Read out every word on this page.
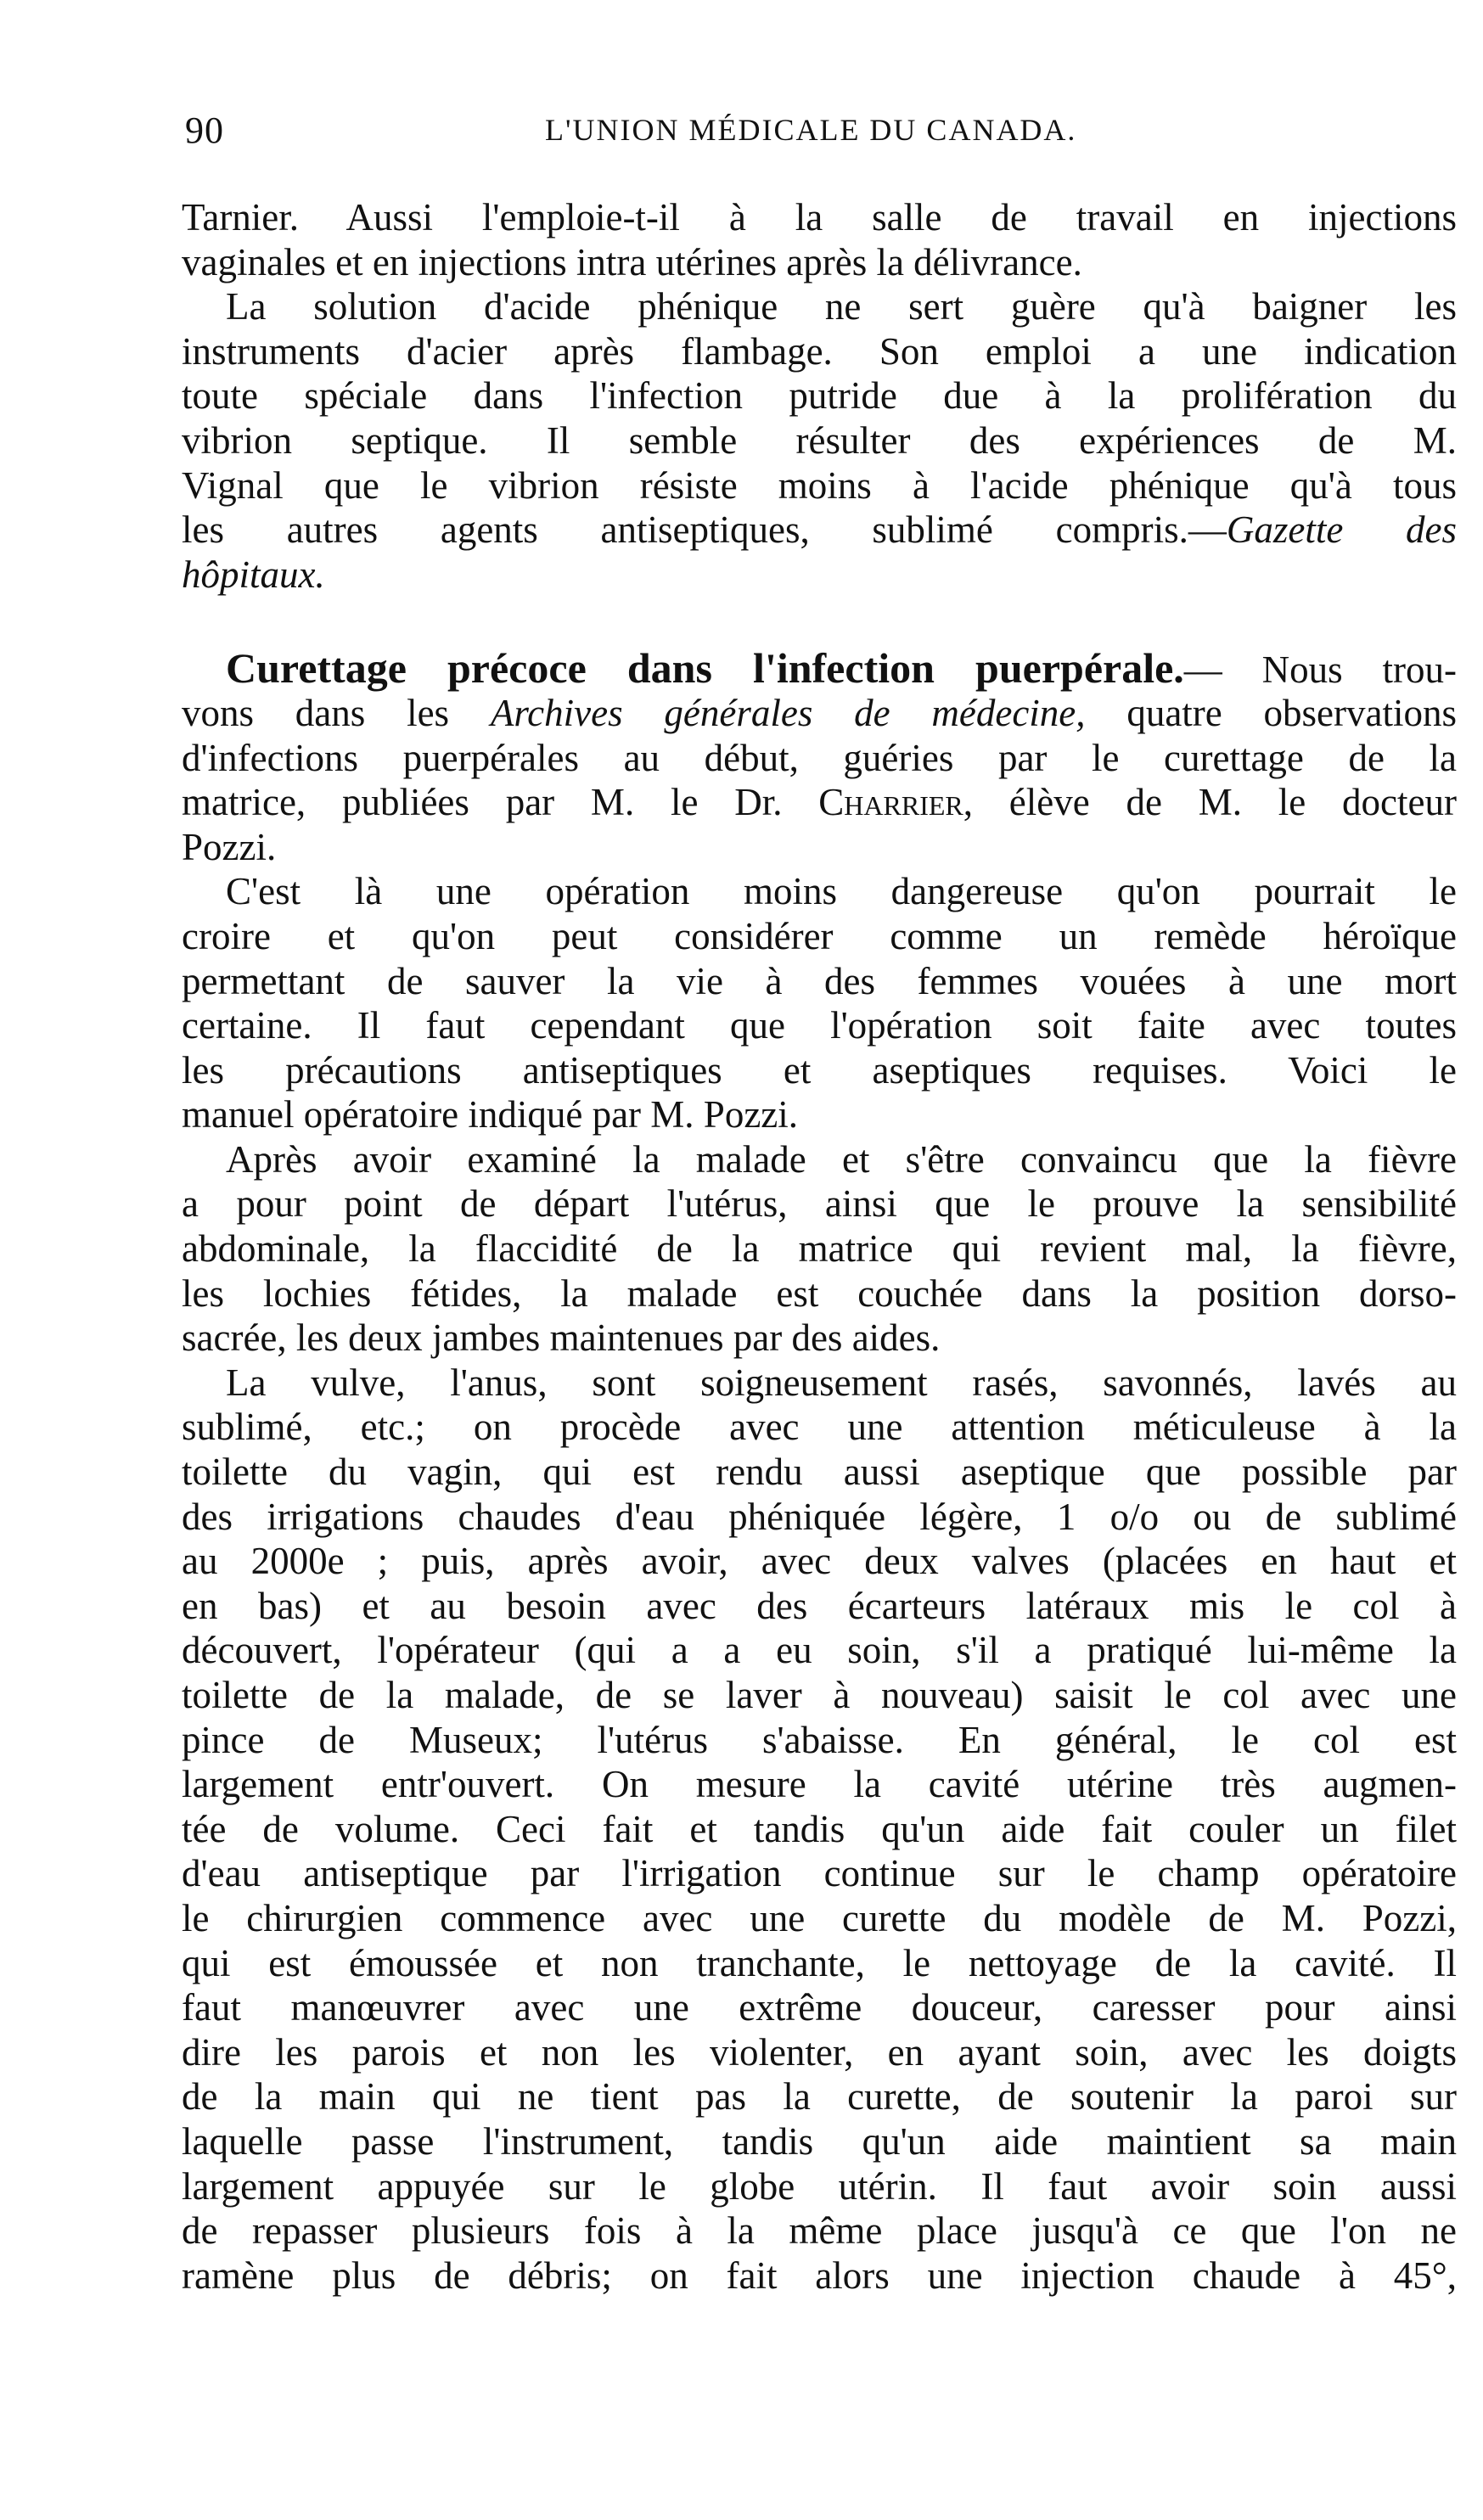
90	L'UNION MÉDICALE DU CANADA.
Tarnier. Aussi l'emploie-t-il à la salle de travail en injections
vaginales et en injections intra utérines après la délivrance.
La solution d'acide phénique ne sert guère qu'à baigner les
instruments d'acier après flambage. Son emploi a une indication
toute spéciale dans l'infection putride due à la prolifération du
vibrion septique. Il semble résulter des expériences de M.
Vignal que le vibrion résiste moins à l'acide phénique qu'à tous
les autres agents antiseptiques, sublimé compris.—Gazette des
hôpitaux.
Curettage précoce dans l'infection puerpérale.— Nous trou-
vons dans les Archives générales de médecine, quatre observations
d'infections puerpérales au début, guéries par le curettage de la
matrice, publiées par M. le Dr. Charrier, élève de M. le docteur
Pozzi.
C'est là une opération moins dangereuse qu'on pourrait le
croire et qu'on peut considérer comme un remède héroïque
permettant de sauver la vie à des femmes vouées à une mort
certaine. Il faut cependant que l'opération soit faite avec toutes
les précautions antiseptiques et aseptiques requises. Voici le
manuel opératoire indiqué par M. Pozzi.
Après avoir examiné la malade et s'être convaincu que la fièvre
a pour point de départ l'utérus, ainsi que le prouve la sensibilité
abdominale, la flaccidité de la matrice qui revient mal, la fièvre,
les lochies fétides, la malade est couchée dans la position dorso-
sacrée, les deux jambes maintenues par des aides.
La vulve, l'anus, sont soigneusement rasés, savonnés, lavés au
sublimé, etc.; on procède avec une attention méticuleuse à la
toilette du vagin, qui est rendu aussi aseptique que possible par
des irrigations chaudes d'eau phéniquée légère, 1 o/o ou de sublimé
au 2000e ; puis, après avoir, avec deux valves (placées en haut et
en bas) et au besoin avec des écarteurs latéraux mis le col à
découvert, l'opérateur (qui a a eu soin, s'il a pratiqué lui-même la
toilette de la malade, de se laver à nouveau) saisit le col avec une
pince de Museux; l'utérus s'abaisse. En général, le col est
largement entr'ouvert. On mesure la cavité utérine très augmen-
tée de volume. Ceci fait et tandis qu'un aide fait couler un filet
d'eau antiseptique par l'irrigation continue sur le champ opératoire
le chirurgien commence avec une curette du modèle de M. Pozzi,
qui est émoussée et non tranchante, le nettoyage de la cavité. Il
faut manœuvrer avec une extrême douceur, caresser pour ainsi
dire les parois et non les violenter, en ayant soin, avec les doigts
de la main qui ne tient pas la curette, de soutenir la paroi sur
laquelle passe l'instrument, tandis qu'un aide maintient sa main
largement appuyée sur le globe utérin. Il faut avoir soin aussi
de repasser plusieurs fois à la même place jusqu'à ce que l'on ne
ramène plus de débris; on fait alors une injection chaude à 45°,
